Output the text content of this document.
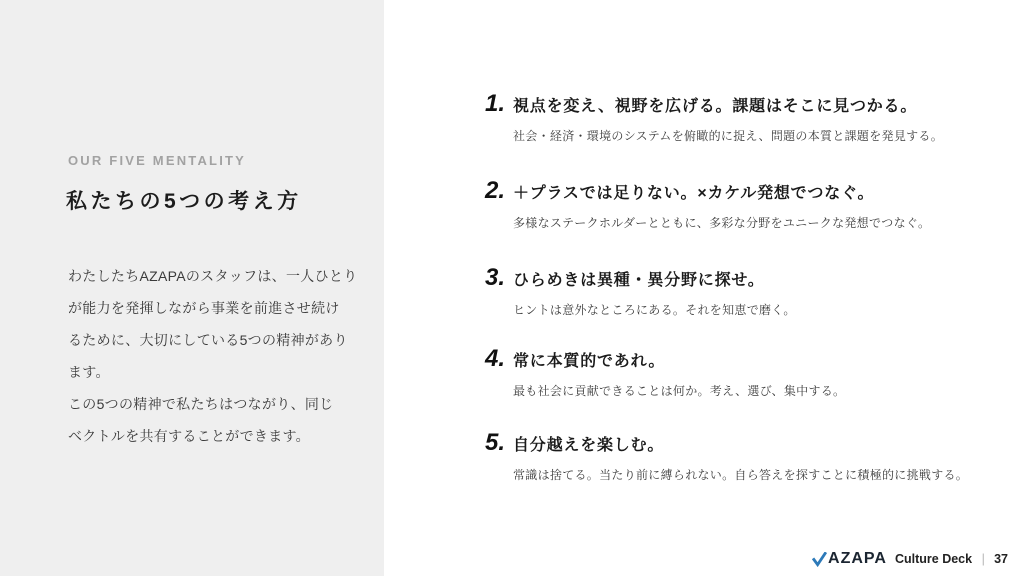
OUR FIVE MENTALITY
私たちの5つの考え方
わたしたちAZAPAのスタッフは、一人ひとり
が能力を発揮しながら事業を前進させ続け
るために、大切にしている5つの精神があり
ます。
この5つの精神で私たちはつながり、同じ
ベクトルを共有することができます。
1. 視点を変え、視野を広げる。課題はそこに見つかる。
社会・経済・環境のシステムを俯瞰的に捉え、問題の本質と課題を発見する。
2. ＋プラスでは足りない。×カケル発想でつなぐ。
多様なステークホルダーとともに、多彩な分野をユニークな発想でつなぐ。
3. ひらめきは異種・異分野に探せ。
ヒントは意外なところにある。それを知恵で磨く。
4. 常に本質的であれ。
最も社会に貢献できることは何か。考え、選び、集中する。
5. 自分越えを楽しむ。
常識は捨てる。当たり前に縛られない。自ら答えを探すことに積極的に挑戦する。
AZAPA Culture Deck ｜ 37
